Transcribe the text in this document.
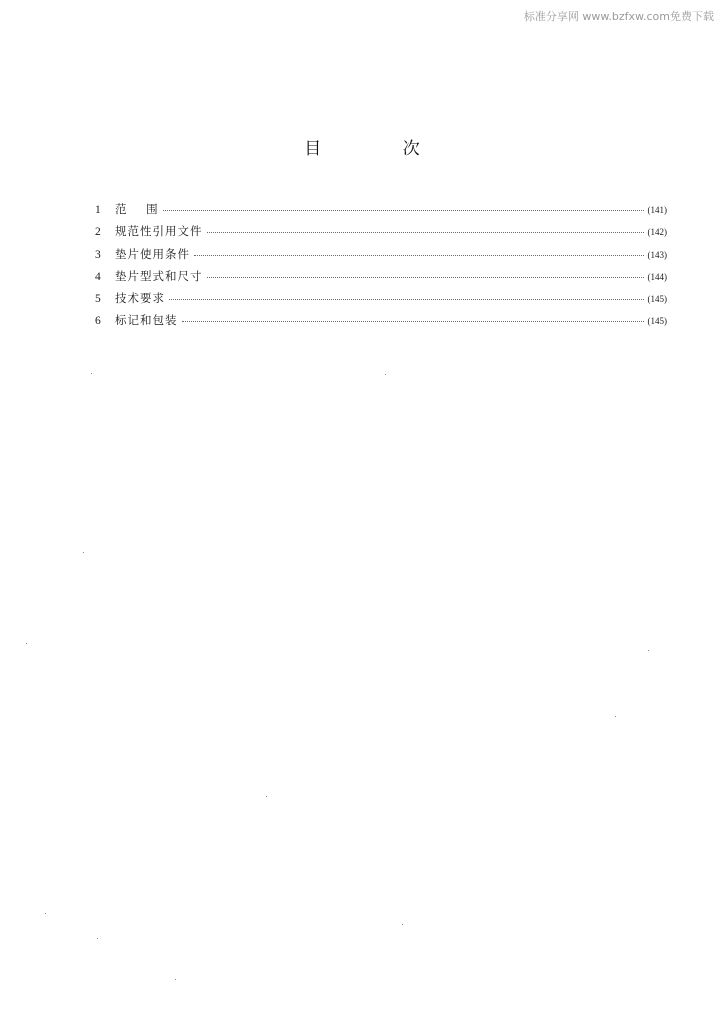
标准分享网 www.bzfxw.com免费下载
目 次
1	范    围	(141)
2	规范性引用文件	(142)
3	垫片使用条件	(143)
4	垫片型式和尺寸	(144)
5	技术要求	(145)
6	标记和包装	(145)
